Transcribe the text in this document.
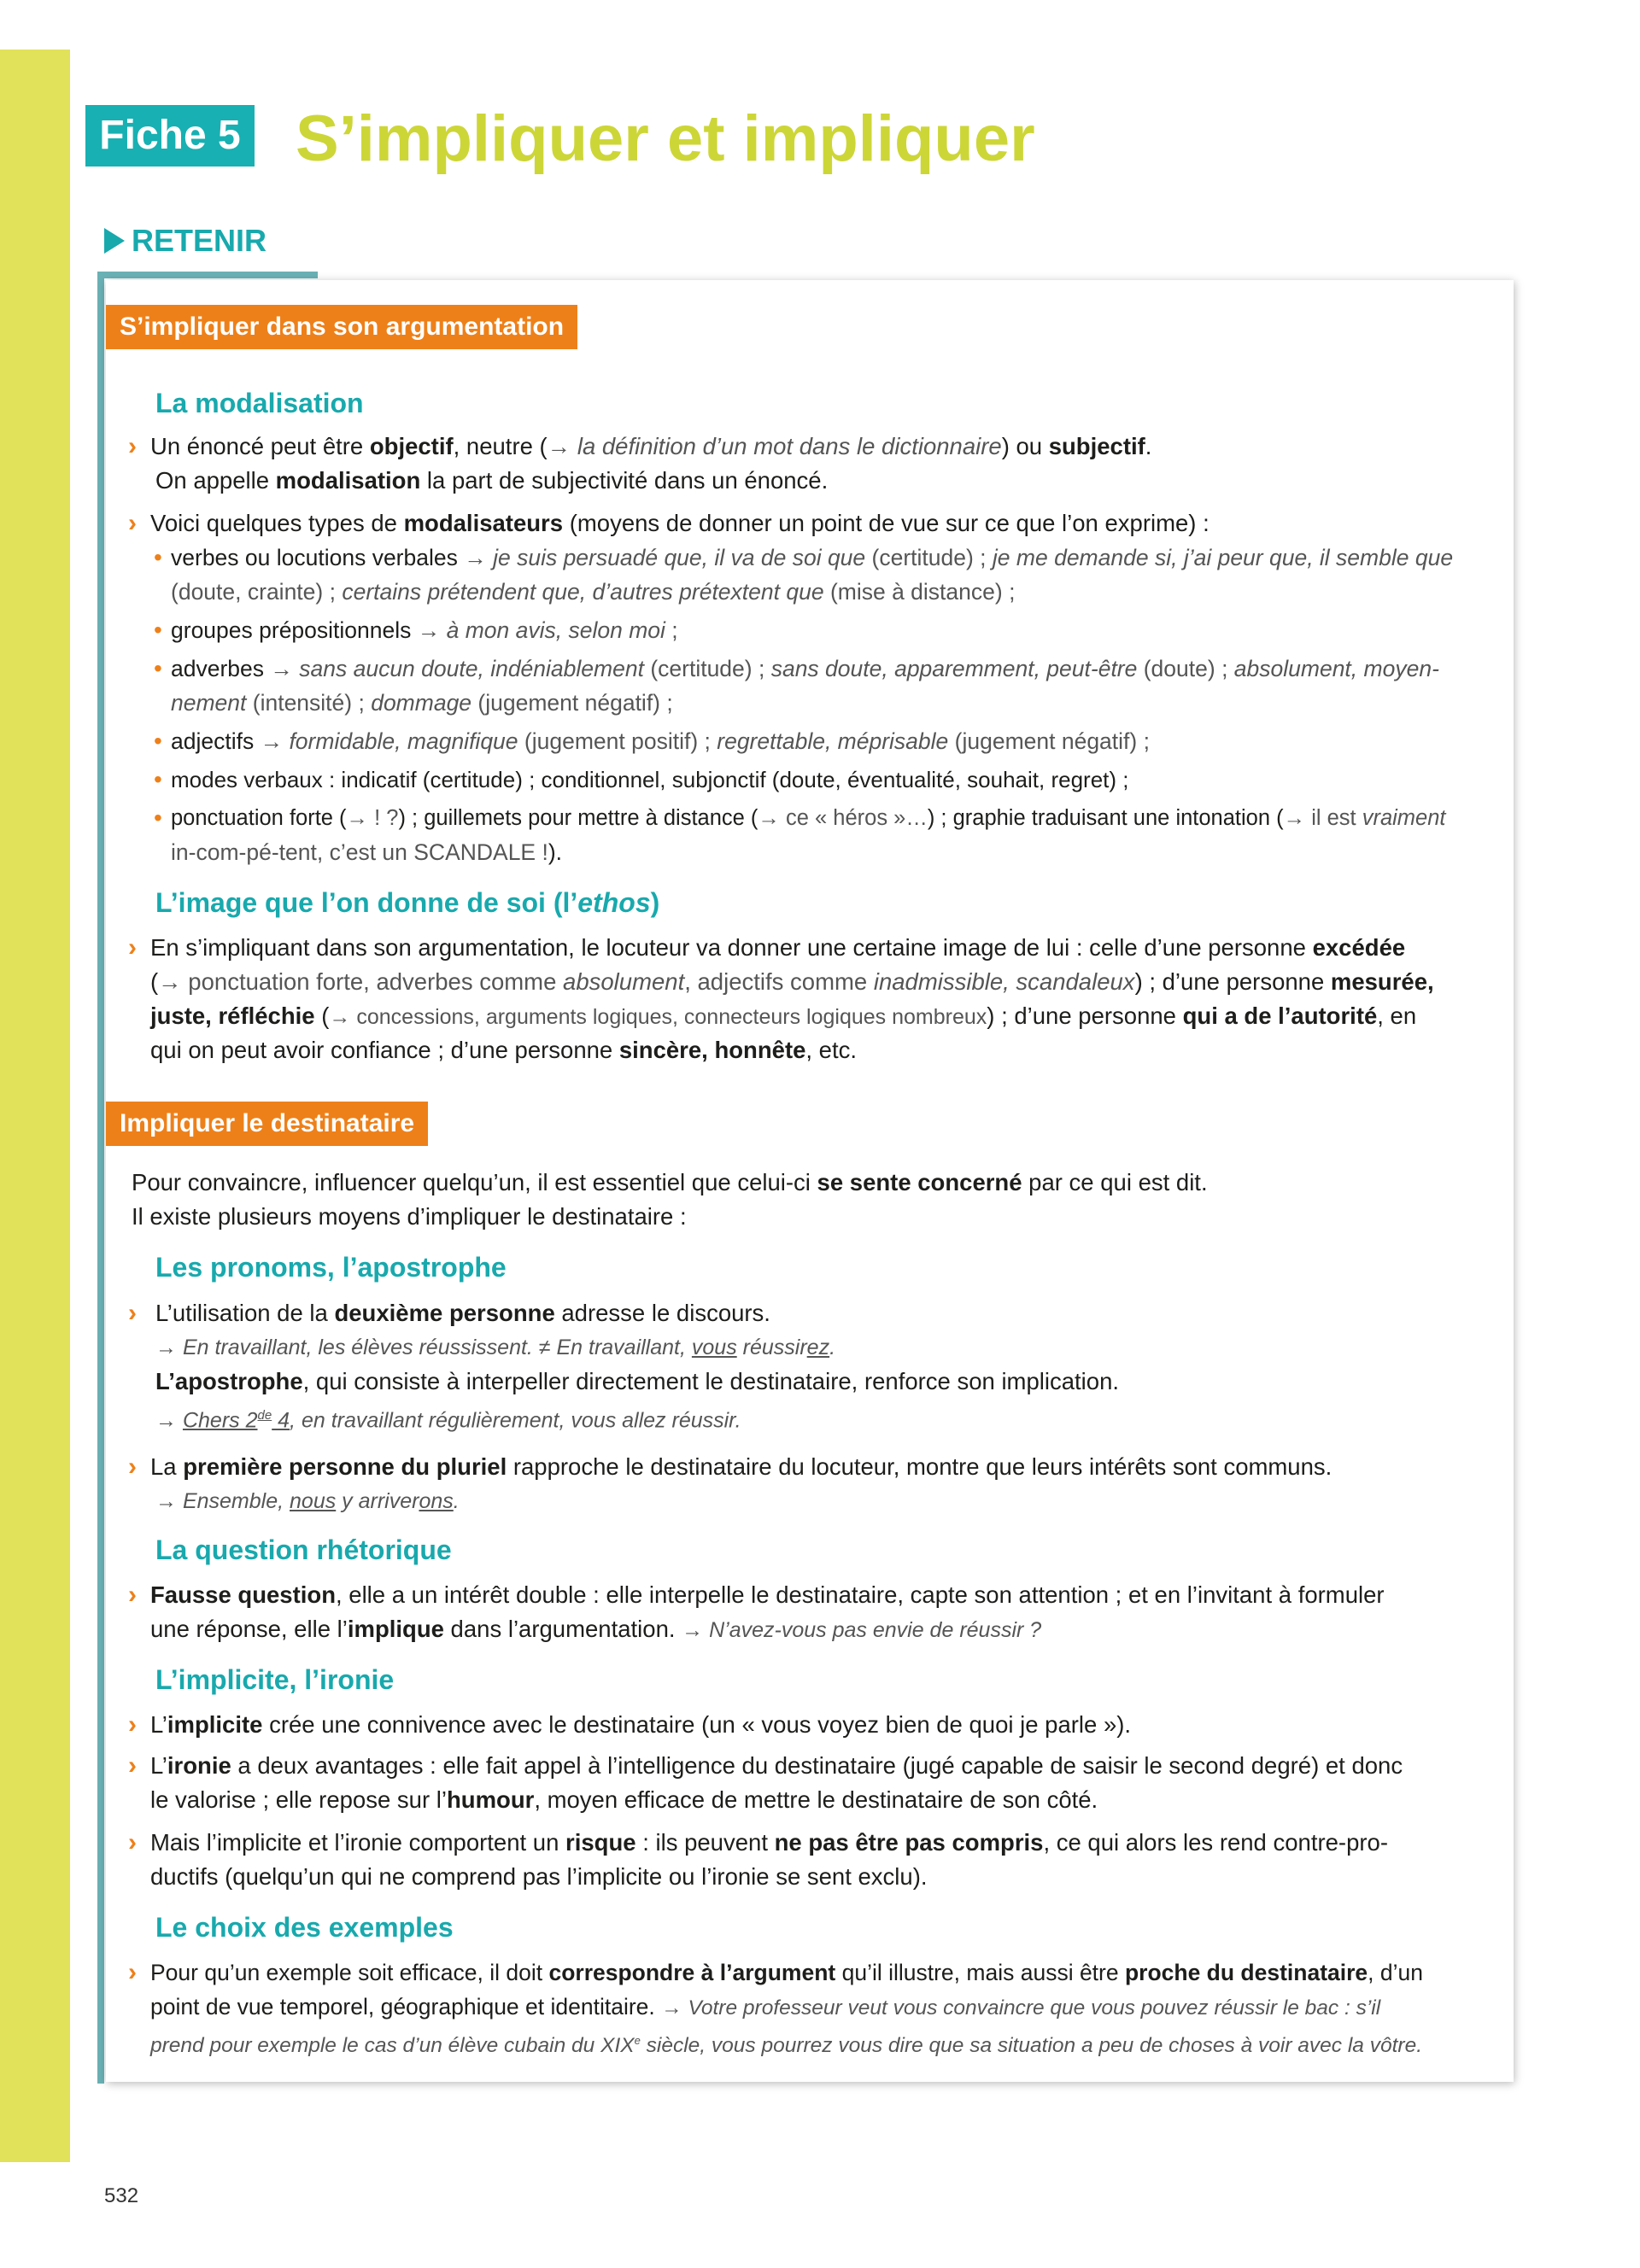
Fiche 5 S’impliquer et impliquer
RETENIR
S’impliquer dans son argumentation
La modalisation
› Un énoncé peut être objectif, neutre (→ la définition d’un mot dans le dictionnaire) ou subjectif.
On appelle modalisation la part de subjectivité dans un énoncé.
› Voici quelques types de modalisateurs (moyens de donner un point de vue sur ce que l’on exprime) :
• verbes ou locutions verbales → je suis persuadé que, il va de soi que (certitude) ; je me demande si, j’ai peur que, il semble que
(doute, crainte) ; certains prétendent que, d’autres prétextent que (mise à distance) ;
• groupes prépositionnels → à mon avis, selon moi ;
• adverbes → sans aucun doute, indéniablement (certitude) ; sans doute, apparemment, peut-être (doute) ; absolument, moyen-
nement (intensité) ; dommage (jugement négatif) ;
• adjectifs → formidable, magnifique (jugement positif) ; regrettable, méprisable (jugement négatif) ;
• modes verbaux : indicatif (certitude) ; conditionnel, subjonctif (doute, éventualité, souhait, regret) ;
• ponctuation forte (→ ! ?) ; guillemets pour mettre à distance (→ ce « héros »…) ; graphie traduisant une intonation (→ il est vraiment
in-com-pé-tent, c’est un SCANDALE !).
L’image que l’on donne de soi (l’ethos)
› En s’impliquant dans son argumentation, le locuteur va donner une certaine image de lui : celle d’une personne excédée
(→ ponctuation forte, adverbes comme absolument, adjectifs comme inadmissible, scandaleux) ; d’une personne mesurée,
juste, réfléchie (→ concessions, arguments logiques, connecteurs logiques nombreux) ; d’une personne qui a de l’autorité, en
qui on peut avoir confiance ; d’une personne sincère, honnête, etc.
Impliquer le destinataire
Pour convaincre, influencer quelqu’un, il est essentiel que celui-ci se sente concerné par ce qui est dit.
Il existe plusieurs moyens d’impliquer le destinataire :
Les pronoms, l’apostrophe
› L’utilisation de la deuxième personne adresse le discours.
→ En travaillant, les élèves réussissent. ≠ En travaillant, vous réussirez.
L’apostrophe, qui consiste à interpeller directement le destinataire, renforce son implication.
→ Chers 2de 4, en travaillant régulièrement, vous allez réussir.
› La première personne du pluriel rapproche le destinataire du locuteur, montre que leurs intérêts sont communs.
→ Ensemble, nous y arriverons.
La question rhétorique
› Fausse question, elle a un intérêt double : elle interpelle le destinataire, capte son attention ; et en l’invitant à formuler
une réponse, elle l’implique dans l’argumentation. → N’avez-vous pas envie de réussir ?
L’implicite, l’ironie
› L’implicite crée une connivence avec le destinataire (un « vous voyez bien de quoi je parle »).
› L’ironie a deux avantages : elle fait appel à l’intelligence du destinataire (jugé capable de saisir le second degré) et donc
le valorise ; elle repose sur l’humour, moyen efficace de mettre le destinataire de son côté.
› Mais l’implicite et l’ironie comportent un risque : ils peuvent ne pas être pas compris, ce qui alors les rend contre-pro-
ductifs (quelqu’un qui ne comprend pas l’implicite ou l’ironie se sent exclu).
Le choix des exemples
› Pour qu’un exemple soit efficace, il doit correspondre à l’argument qu’il illustre, mais aussi être proche du destinataire, d’un
point de vue temporel, géographique et identitaire. → Votre professeur veut vous convaincre que vous pouvez réussir le bac : s’il
prend pour exemple le cas d’un élève cubain du XIXe siècle, vous pourrez vous dire que sa situation a peu de choses à voir avec la vôtre.
532
